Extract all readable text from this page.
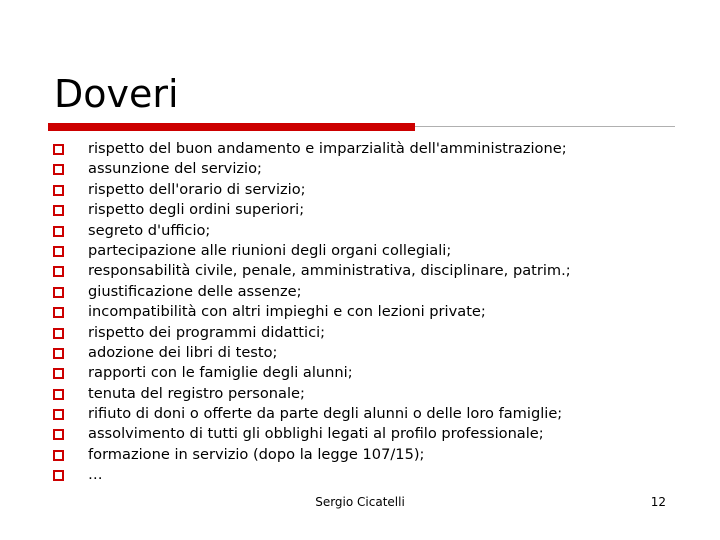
Doveri
rispetto del buon andamento e imparzialità dell'amministrazione;
assunzione del servizio;
rispetto dell'orario di servizio;
rispetto degli ordini superiori;
segreto d'ufficio;
partecipazione alle riunioni degli organi collegiali;
responsabilità civile, penale, amministrativa, disciplinare, patrim.;
giustificazione delle assenze;
incompatibilità con altri impieghi e con lezioni private;
rispetto dei programmi didattici;
adozione dei libri di testo;
rapporti con le famiglie degli alunni;
tenuta del registro personale;
rifiuto di doni o offerte da parte degli alunni o delle loro famiglie;
assolvimento di tutti gli obblighi legati al profilo professionale;
formazione in servizio (dopo la legge 107/15);
…
Sergio Cicatelli	12
